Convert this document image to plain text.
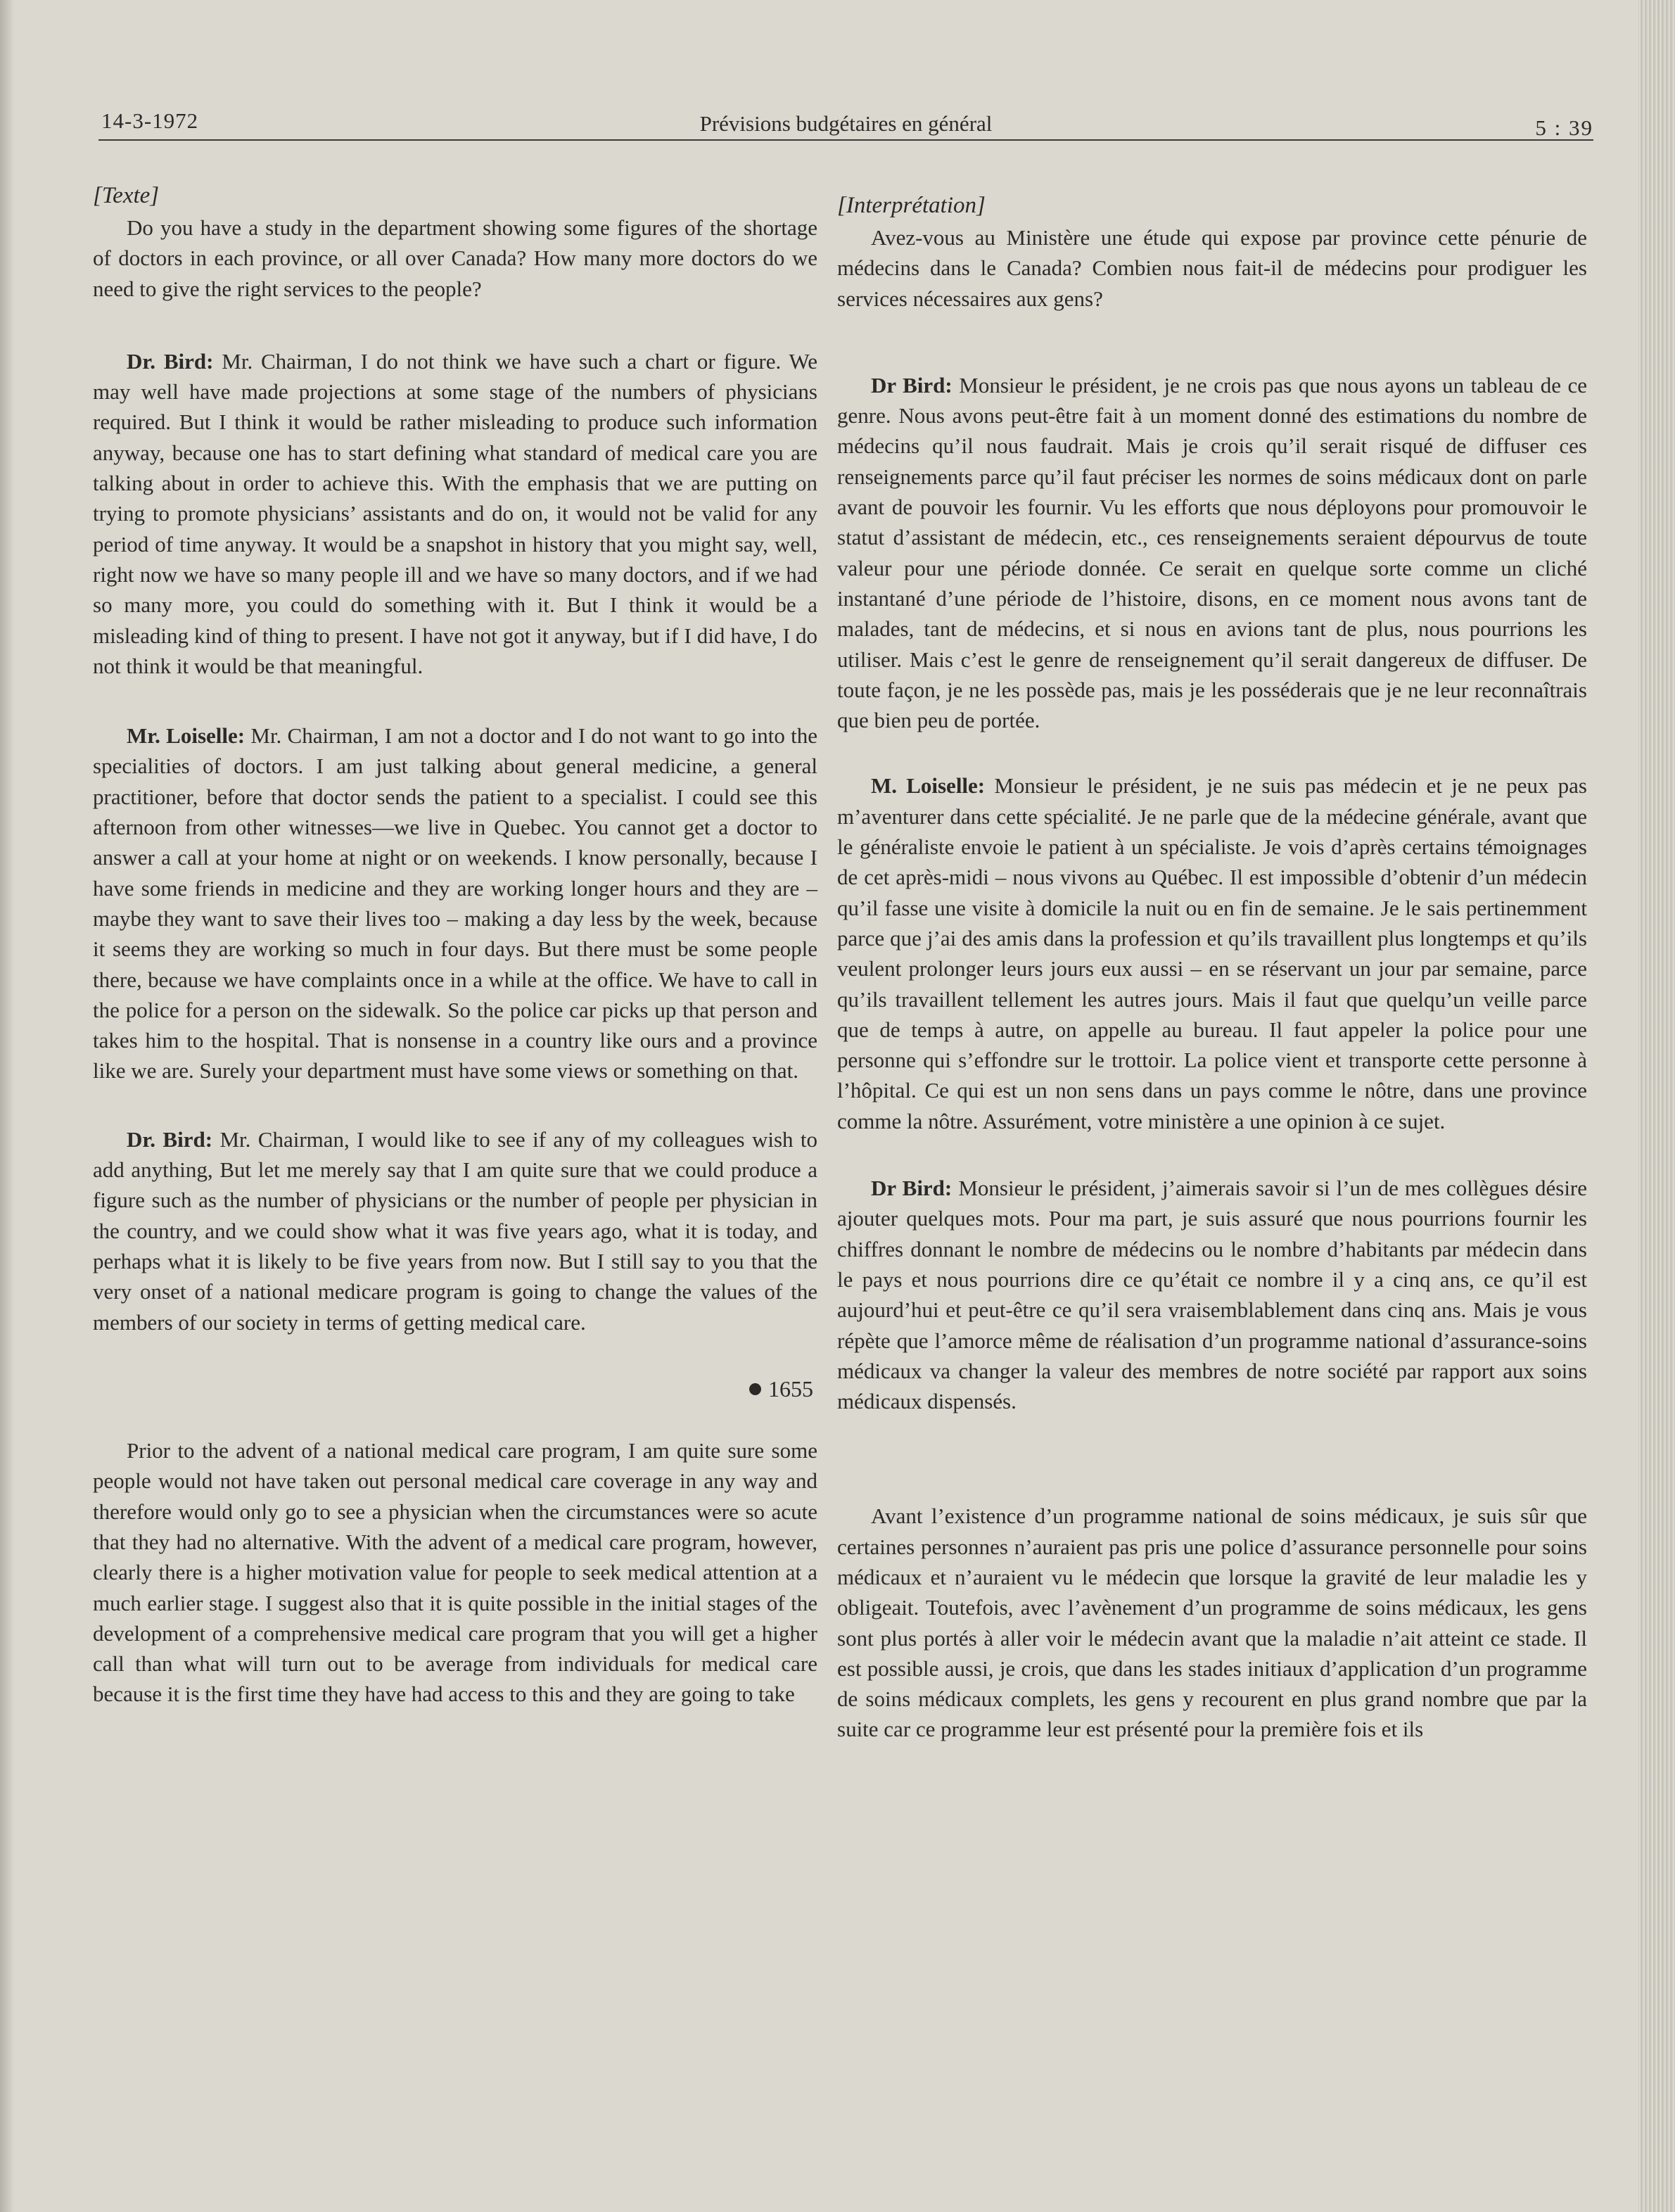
14-3-1972	Prévisions budgétaires en général	5 : 39

[Texte]

Do you have a study in the department showing some figures of the shortage of doctors in each province, or all over Canada? How many more doctors do we need to give the right services to the people?

Dr. Bird: Mr. Chairman, I do not think we have such a chart or figure. We may well have made projections at some stage of the numbers of physicians required. But I think it would be rather misleading to produce such information anyway, because one has to start defining what standard of medical care you are talking about in order to achieve this. With the emphasis that we are putting on trying to promote physicians’ assistants and do on, it would not be valid for any period of time anyway. It would be a snapshot in history that you might say, well, right now we have so many people ill and we have so many doctors, and if we had so many more, you could do something with it. But I think it would be a misleading kind of thing to present. I have not got it anyway, but if I did have, I do not think it would be that meaningful.

Mr. Loiselle: Mr. Chairman, I am not a doctor and I do not want to go into the specialities of doctors. I am just talking about general medicine, a general practitioner, before that doctor sends the patient to a specialist. I could see this afternoon from other witnesses—we live in Quebec. You cannot get a doctor to answer a call at your home at night or on weekends. I know personally, because I have some friends in medicine and they are working longer hours and they are – maybe they want to save their lives too – making a day less by the week, because it seems they are working so much in four days. But there must be some people there, because we have complaints once in a while at the office. We have to call in the police for a person on the sidewalk. So the police car picks up that person and takes him to the hospital. That is nonsense in a country like ours and a province like we are. Surely your department must have some views or something on that.

Dr. Bird: Mr. Chairman, I would like to see if any of my colleagues wish to add anything, But let me merely say that I am quite sure that we could produce a figure such as the number of physicians or the number of people per physician in the country, and we could show what it was five years ago, what it is today, and perhaps what it is likely to be five years from now. But I still say to you that the very onset of a national medicare program is going to change the values of the members of our society in terms of getting medical care.

1655

Prior to the advent of a national medical care program, I am quite sure some people would not have taken out personal medical care coverage in any way and therefore would only go to see a physician when the circumstances were so acute that they had no alternative. With the advent of a medical care program, however, clearly there is a higher motivation value for people to seek medical attention at a much earlier stage. I suggest also that it is quite possible in the initial stages of the development of a comprehensive medical care program that you will get a higher call than what will turn out to be average from individuals for medical care because it is the first time they have had access to this and they are going to take

[Interprétation]

Avez-vous au Ministère une étude qui expose par province cette pénurie de médecins dans le Canada? Combien nous fait-il de médecins pour prodiguer les services nécessaires aux gens?

Dr Bird: Monsieur le président, je ne crois pas que nous ayons un tableau de ce genre. Nous avons peut-être fait à un moment donné des estimations du nombre de médecins qu’il nous faudrait. Mais je crois qu’il serait risqué de diffuser ces renseignements parce qu’il faut préciser les normes de soins médicaux dont on parle avant de pouvoir les fournir. Vu les efforts que nous déployons pour promouvoir le statut d’assistant de médecin, etc., ces renseignements seraient dépourvus de toute valeur pour une période donnée. Ce serait en quelque sorte comme un cliché instantané d’une période de l’histoire, disons, en ce moment nous avons tant de malades, tant de médecins, et si nous en avions tant de plus, nous pourrions les utiliser. Mais c’est le genre de renseignement qu’il serait dangereux de diffuser. De toute façon, je ne les possède pas, mais je les posséderais que je ne leur reconnaîtrais que bien peu de portée.

M. Loiselle: Monsieur le président, je ne suis pas médecin et je ne peux pas m’aventurer dans cette spécialité. Je ne parle que de la médecine générale, avant que le généraliste envoie le patient à un spécialiste. Je vois d’après certains témoignages de cet après-midi – nous vivons au Québec. Il est impossible d’obtenir d’un médecin qu’il fasse une visite à domicile la nuit ou en fin de semaine. Je le sais pertinemment parce que j’ai des amis dans la profession et qu’ils travaillent plus longtemps et qu’ils veulent prolonger leurs jours eux aussi – en se réservant un jour par semaine, parce qu’ils travaillent tellement les autres jours. Mais il faut que quelqu’un veille parce que de temps à autre, on appelle au bureau. Il faut appeler la police pour une personne qui s’effondre sur le trottoir. La police vient et transporte cette personne à l’hôpital. Ce qui est un non sens dans un pays comme le nôtre, dans une province comme la nôtre. Assurément, votre ministère a une opinion à ce sujet.

Dr Bird: Monsieur le président, j’aimerais savoir si l’un de mes collègues désire ajouter quelques mots. Pour ma part, je suis assuré que nous pourrions fournir les chiffres donnant le nombre de médecins ou le nombre d’habitants par médecin dans le pays et nous pourrions dire ce qu’était ce nombre il y a cinq ans, ce qu’il est aujourd’hui et peut-être ce qu’il sera vraisemblablement dans cinq ans. Mais je vous répète que l’amorce même de réalisation d’un programme national d’assurance-soins médicaux va changer la valeur des membres de notre société par rapport aux soins médicaux dispensés.

Avant l’existence d’un programme national de soins médicaux, je suis sûr que certaines personnes n’auraient pas pris une police d’assurance personnelle pour soins médicaux et n’auraient vu le médecin que lorsque la gravité de leur maladie les y obligeait. Toutefois, avec l’avènement d’un programme de soins médicaux, les gens sont plus portés à aller voir le médecin avant que la maladie n’ait atteint ce stade. Il est possible aussi, je crois, que dans les stades initiaux d’application d’un programme de soins médicaux complets, les gens y recourent en plus grand nombre que par la suite car ce programme leur est présenté pour la première fois et ils
